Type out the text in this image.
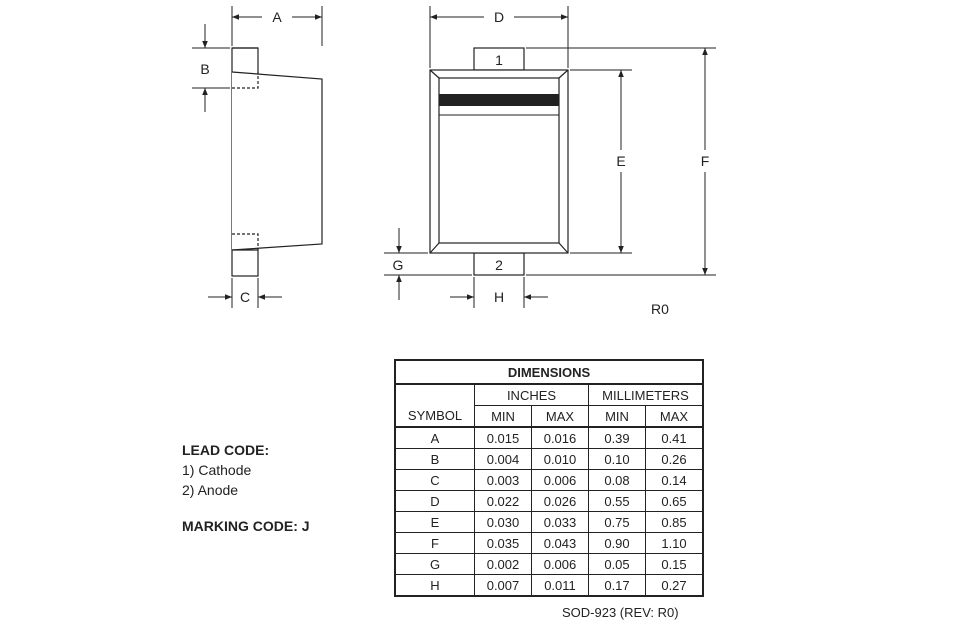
A
B
C
1
2
D
E	F
G
H
R0
LEAD CODE:
1) Cathode
2) Anode
MARKING CODE: J
DIMENSIONS				
	INCHES		MILLIMETERS	
SYMBOL	MIN	MAX	MIN	MAX
A	0.015	0.016	0.39	0.41
B	0.004	0.010	0.10	0.26
C	0.003	0.006	0.08	0.14
D	0.022	0.026	0.55	0.65
E	0.030	0.033	0.75	0.85
F	0.035	0.043	0.90	1.10
G	0.002	0.006	0.05	0.15
H	0.007	0.011	0.17	0.27
SOD-923 (REV: R0)
